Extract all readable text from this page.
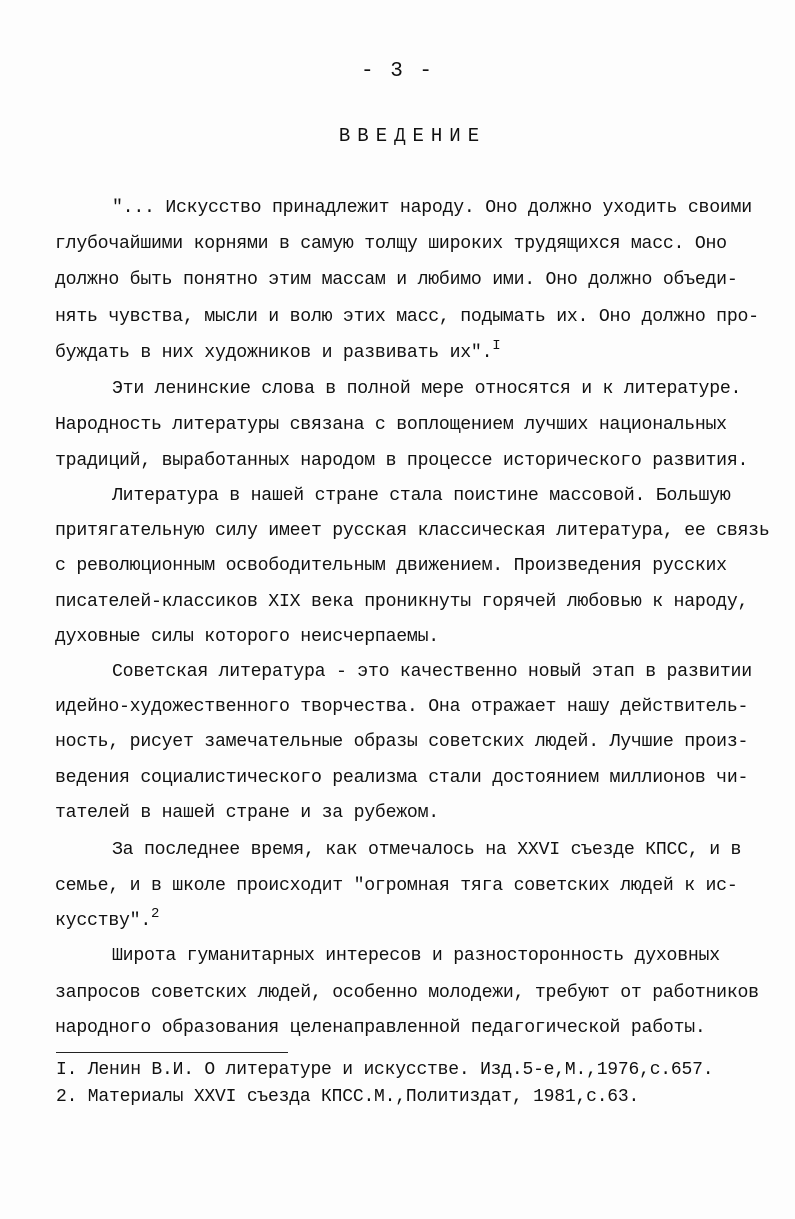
- 3 -
ВВЕДЕНИЕ
"... Искусство принадлежит народу. Оно должно уходить своими
глубочайшими корнями в самую толщу широких трудящихся масс. Оно
должно быть понятно этим массам и любимо ими. Оно должно объеди-
нять чувства, мысли и волю этих масс, подымать их. Оно должно про-
буждать в них художников и развивать их".$^I$
Эти ленинские слова в полной мере относятся и к литературе.
Народность литературы связана с воплощением лучших национальных
традиций, выработанных народом в процессе исторического развития.
Литература в нашей стране стала поистине массовой. Большую
притягательную силу имеет русская классическая литература, ее связь
с революционным освободительным движением. Произведения русских
писателей-классиков XIX века проникнуты горячей любовью к народу,
духовные силы которого неисчерпаемы.
Советская литература - это качественно новый этап в развитии
идейно-художественного творчества. Она отражает нашу действитель-
ность, рисует замечательные образы советских людей. Лучшие произ-
ведения социалистического реализма стали достоянием миллионов чи-
тателей в нашей стране и за рубежом.
За последнее время, как отмечалось на XXVI съезде КПСС, и в
семье, и в школе происходит "огромная тяга советских людей к ис-
кусству".$^2$
Широта гуманитарных интересов и разносторонность духовных
запросов советских людей, особенно молодежи, требуют от работников
народного образования целенаправленной педагогической работы.
I. Ленин В.И. О литературе и искусстве. Изд.5-е,М.,1976,с.657.
2. Материалы XXVI съезда КПСС.М.,Политиздат, 1981,с.63.
